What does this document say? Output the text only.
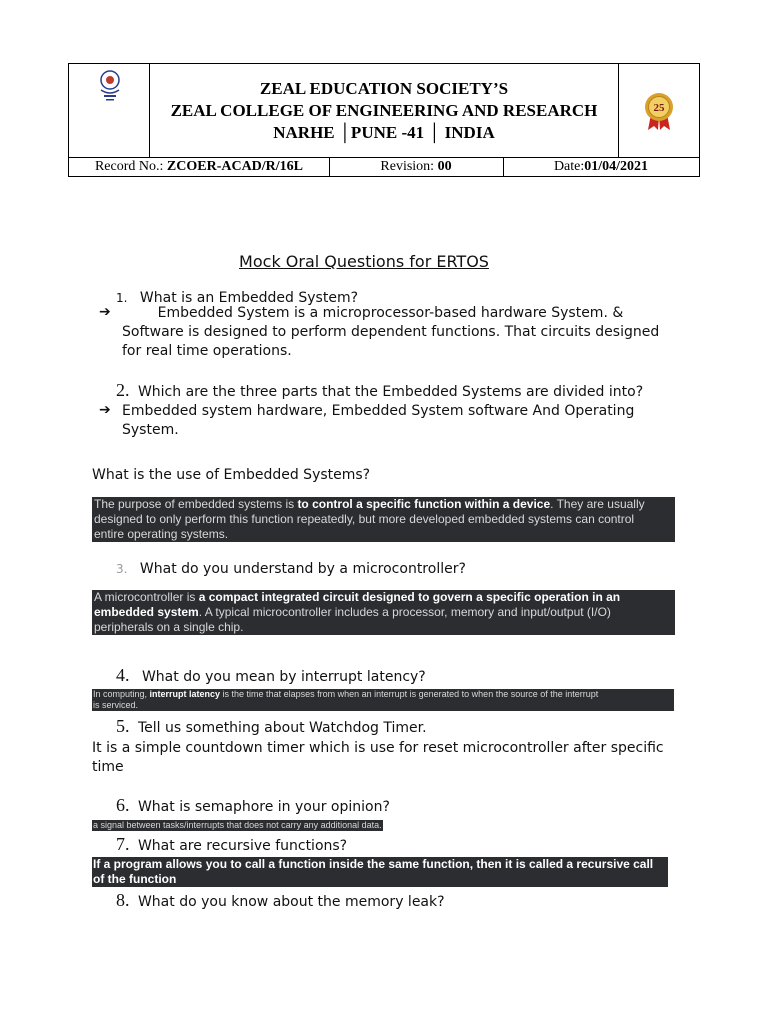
ZEAL EDUCATION SOCIETY’S
ZEAL COLLEGE OF ENGINEERING AND RESEARCH
NARHE │PUNE -41 │ INDIA
25
Record No.: ZCOER-ACAD/R/16L	Revision: 00	Date:01/04/2021
Mock Oral Questions for ERTOS
1. What is an Embedded System?
➔ Embedded System is a microprocessor-based hardware System. &
Software is designed to perform dependent functions. That circuits designed
for real time operations.
2. Which are the three parts that the Embedded Systems are divided into?
➔ Embedded system hardware, Embedded System software And Operating
System.
What is the use of Embedded Systems?
The purpose of embedded systems is to control a specific function within a device. They are usually
designed to only perform this function repeatedly, but more developed embedded systems can control
entire operating systems.
3. What do you understand by a microcontroller?
A microcontroller is a compact integrated circuit designed to govern a specific operation in an
embedded system. A typical microcontroller includes a processor, memory and input/output (I/O)
peripherals on a single chip.
4. What do you mean by interrupt latency?
In computing, interrupt latency is the time that elapses from when an interrupt is generated to when the source of the interrupt
is serviced.
5. Tell us something about Watchdog Timer.
It is a simple countdown timer which is use for reset microcontroller after specific
time
6. What is semaphore in your opinion?
a signal between tasks/interrupts that does not carry any additional data.
7. What are recursive functions?
If a program allows you to call a function inside the same function, then it is called a recursive call
of the function
8. What do you know about the memory leak?
